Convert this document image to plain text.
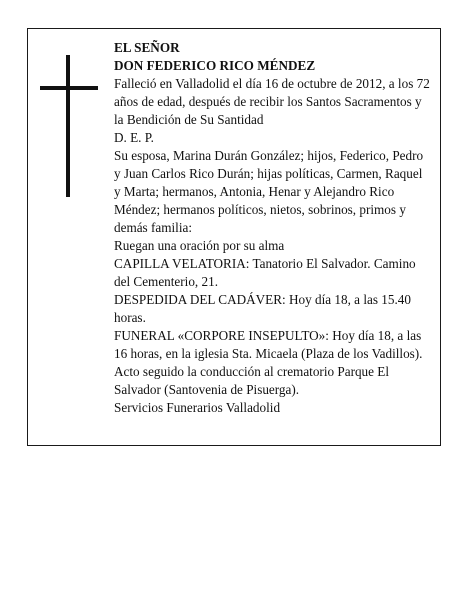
EL SEÑOR

DON FEDERICO RICO MÉNDEZ

Falleció en Valladolid el día 16 de octubre de 2012, a los 72 años de edad, después de recibir los Santos Sacramentos y la Bendición de Su Santidad

D. E. P.

Su esposa, Marina Durán González; hijos, Federico, Pedro y Juan Carlos Rico Durán; hijas políticas, Carmen, Raquel y Marta; hermanos, Antonia, Henar y Alejandro Rico Méndez; hermanos políticos, nietos, sobrinos, primos y demás familia:

Ruegan una oración por su alma

CAPILLA VELATORIA: Tanatorio El Salvador. Camino del Cementerio, 21.

DESPEDIDA DEL CADÁVER: Hoy día 18, a las 15.40 horas.

FUNERAL «CORPORE INSEPULTO»: Hoy día 18, a las 16 horas, en la iglesia Sta. Micaela (Plaza de los Vadillos). Acto seguido la conducción al crematorio Parque El Salvador (Santovenia de Pisuerga).

Servicios Funerarios Valladolid
